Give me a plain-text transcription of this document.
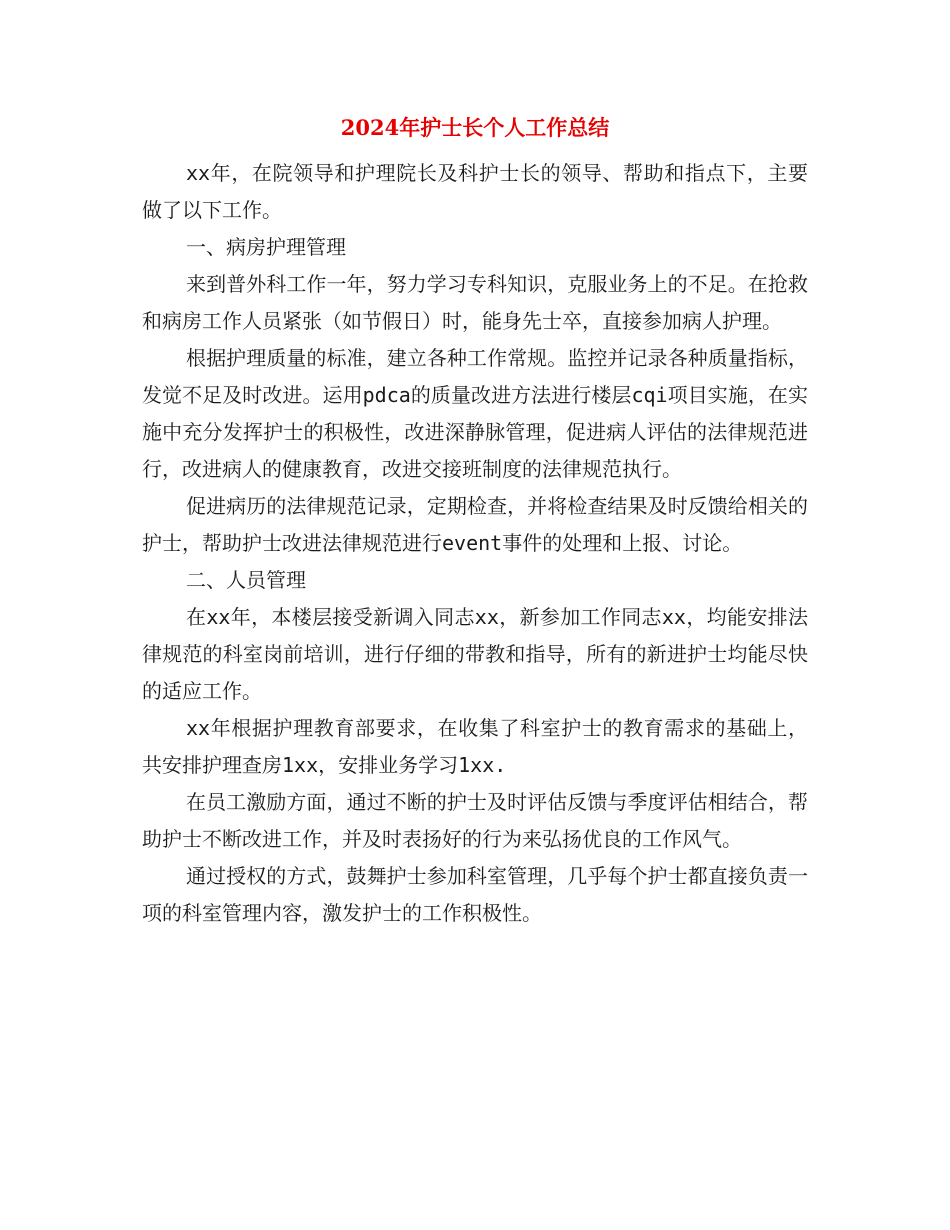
2024年护士长个人工作总结

xx年，在院领导和护理院长及科护士长的领导、帮助和指点下，主要做了以下工作。

一、病房护理管理

来到普外科工作一年，努力学习专科知识，克服业务上的不足。在抢救和病房工作人员紧张（如节假日）时，能身先士卒，直接参加病人护理。

根据护理质量的标准，建立各种工作常规。监控并记录各种质量指标，发觉不足及时改进。运用pdca的质量改进方法进行楼层cqi项目实施，在实施中充分发挥护士的积极性，改进深静脉管理，促进病人评估的法律规范进行，改进病人的健康教育，改进交接班制度的法律规范执行。

促进病历的法律规范记录，定期检查，并将检查结果及时反馈给相关的护士，帮助护士改进法律规范进行event事件的处理和上报、讨论。

二、人员管理

在xx年，本楼层接受新调入同志xx，新参加工作同志xx，均能安排法律规范的科室岗前培训，进行仔细的带教和指导，所有的新进护士均能尽快的适应工作。

xx年根据护理教育部要求，在收集了科室护士的教育需求的基础上，共安排护理查房1xx，安排业务学习1xx.

在员工激励方面，通过不断的护士及时评估反馈与季度评估相结合，帮助护士不断改进工作，并及时表扬好的行为来弘扬优良的工作风气。

通过授权的方式，鼓舞护士参加科室管理，几乎每个护士都直接负责一项的科室管理内容，激发护士的工作积极性。
